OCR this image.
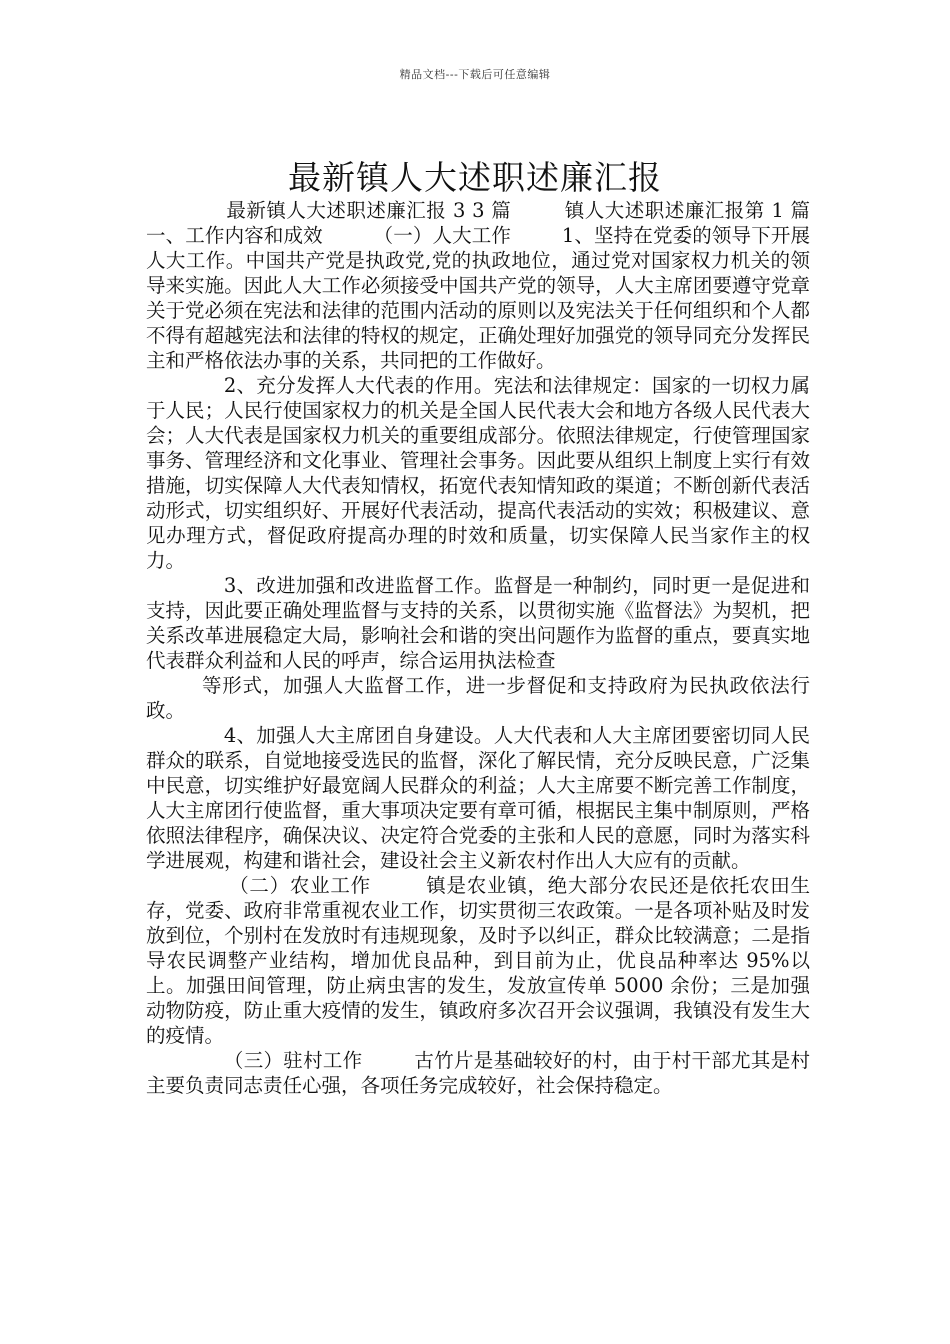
精品文档---下载后可任意编辑
最新镇人大述职述廉汇报

最新镇人大述职述廉汇报 3 3 篇        镇人大述职述廉汇报第 1 篇        一、工作内容和成效        （一）人大工作        1、坚持在党委的领导下开展人大工作。中国共产党是执政党,党的执政地位，通过党对国家权力机关的领导来实施。因此人大工作必须接受中国共产党的领导，人大主席团要遵守党章关于党必须在宪法和法律的范围内活动的原则以及宪法关于任何组织和个人都不得有超越宪法和法律的特权的规定，正确处理好加强党的领导同充分发挥民主和严格依法办事的关系，共同把的工作做好。

2、充分发挥人大代表的作用。宪法和法律规定：国家的一切权力属于人民；人民行使国家权力的机关是全国人民代表大会和地方各级人民代表大会；人大代表是国家权力机关的重要组成部分。依照法律规定，行使管理国家事务、管理经济和文化事业、管理社会事务。因此要从组织上制度上实行有效措施，切实保障人大代表知情权，拓宽代表知情知政的渠道；不断创新代表活动形式，切实组织好、开展好代表活动，提高代表活动的实效；积极建议、意见办理方式，督促政府提高办理的时效和质量，切实保障人民当家作主的权力。

3、改进加强和改进监督工作。监督是一种制约，同时更一是促进和支持，因此要正确处理监督与支持的关系，以贯彻实施《监督法》为契机，把关系改革进展稳定大局，影响社会和谐的突出问题作为监督的重点，要真实地代表群众利益和人民的呼声，综合运用执法检查

等形式，加强人大监督工作，进一步督促和支持政府为民执政依法行政。

4、加强人大主席团自身建设。人大代表和人大主席团要密切同人民群众的联系，自觉地接受选民的监督，深化了解民情，充分反映民意，广泛集中民意，切实维护好最宽阔人民群众的利益；人大主席要不断完善工作制度，人大主席团行使监督，重大事项决定要有章可循，根据民主集中制原则，严格依照法律程序，确保决议、决定符合党委的主张和人民的意愿，同时为落实科学进展观，构建和谐社会，建设社会主义新农村作出人大应有的贡献。

（二）农业工作        镇是农业镇，绝大部分农民还是依托农田生存，党委、政府非常重视农业工作，切实贯彻三农政策。一是各项补贴及时发放到位，个别村在发放时有违规现象，及时予以纠正，群众比较满意；二是指导农民调整产业结构，增加优良品种，到目前为止，优良品种率达 95%以上。加强田间管理，防止病虫害的发生，发放宣传单 5000 余份；三是加强动物防疫，防止重大疫情的发生，镇政府多次召开会议强调，我镇没有发生大的疫情。

（三）驻村工作        古竹片是基础较好的村，由于村干部尤其是村主要负责同志责任心强，各项任务完成较好，社会保持稳定。
